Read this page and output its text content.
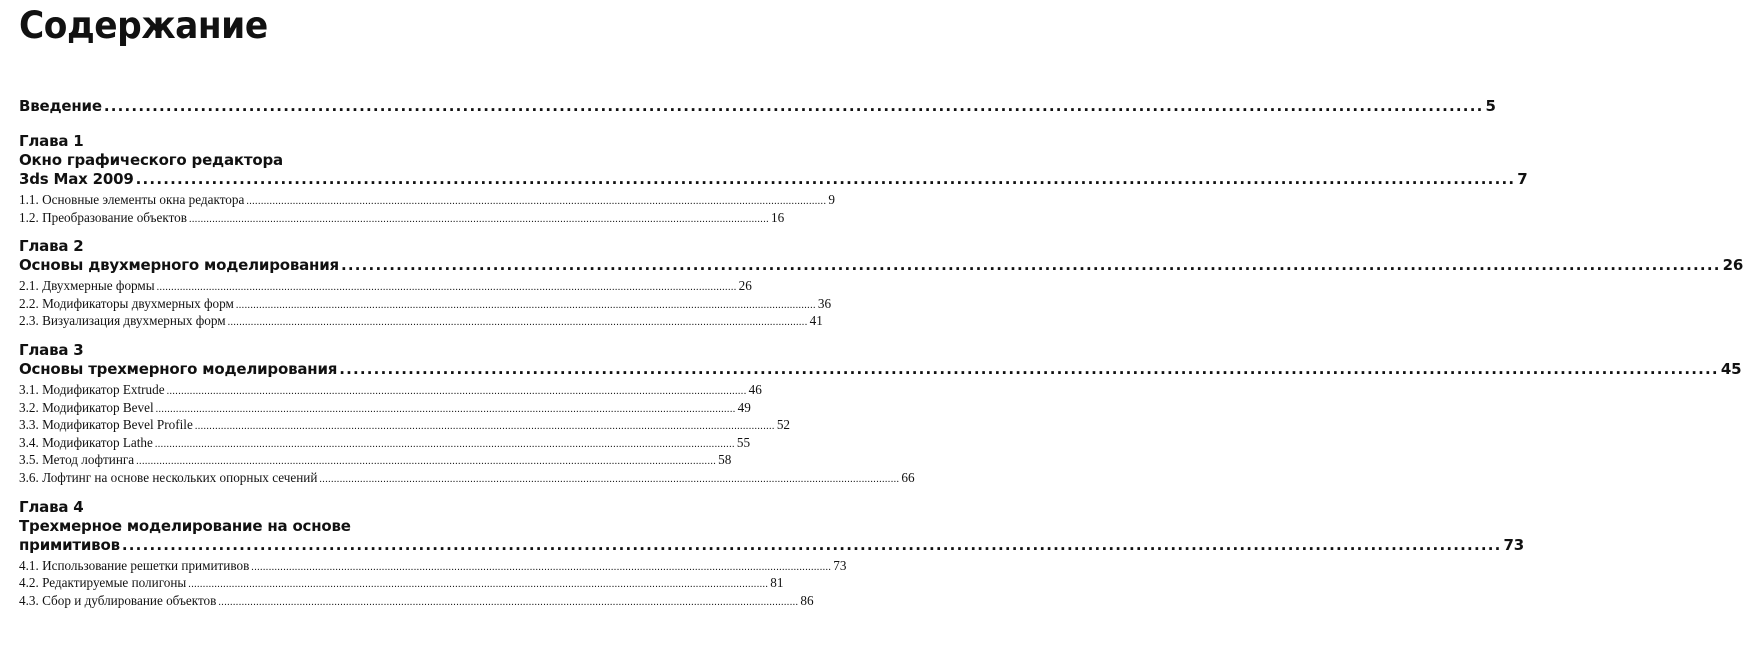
Содержание
Введение ........................................................................................................................................................................................................ 5
Глава 1
Окно графического редактора
3ds Max 2009 ........................................................................................................................................................................................................ 7
1.1. Основные элементы окна редактора ........................................................................................................................................................................................................ 9
1.2. Преобразование объектов ........................................................................................................................................................................................................ 16
Глава 2
Основы двухмерного моделирования ........................................................................................................................................................................................................ 26
2.1. Двухмерные формы ........................................................................................................................................................................................................ 26
2.2. Модификаторы двухмерных форм ........................................................................................................................................................................................................ 36
2.3. Визуализация двухмерных форм ........................................................................................................................................................................................................ 41
Глава 3
Основы трехмерного моделирования ........................................................................................................................................................................................................ 45
3.1. Модификатор Extrude ........................................................................................................................................................................................................ 46
3.2. Модификатор Bevel ........................................................................................................................................................................................................ 49
3.3. Модификатор Bevel Profile ........................................................................................................................................................................................................ 52
3.4. Модификатор Lathe ........................................................................................................................................................................................................ 55
3.5. Метод лофтинга ........................................................................................................................................................................................................ 58
3.6. Лофтинг на основе нескольких опорных сечений ........................................................................................................................................................................................................ 66
Глава 4
Трехмерное моделирование на основе
примитивов ........................................................................................................................................................................................................ 73
4.1. Использование решетки примитивов ........................................................................................................................................................................................................ 73
4.2. Редактируемые полигоны ........................................................................................................................................................................................................ 81
4.3. Сбор и дублирование объектов ........................................................................................................................................................................................................ 86
